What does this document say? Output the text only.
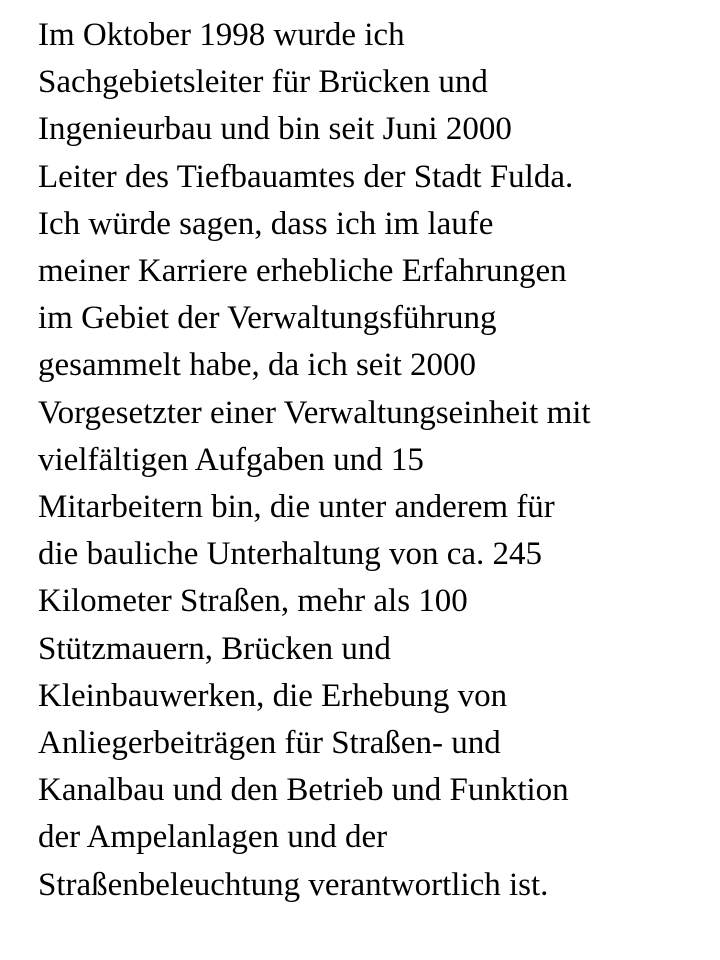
Im Oktober 1998 wurde ich
Sachgebietsleiter für Brücken und
Ingenieurbau und bin seit Juni 2000
Leiter des Tiefbauamtes der Stadt Fulda.
Ich würde sagen, dass ich im laufe
meiner Karriere erhebliche Erfahrungen
im Gebiet der Verwaltungsführung
gesammelt habe, da ich seit 2000
Vorgesetzter einer Verwaltungseinheit mit
vielfältigen Aufgaben und 15
Mitarbeitern bin, die unter anderem für
die bauliche Unterhaltung von ca. 245
Kilometer Straßen, mehr als 100
Stützmauern, Brücken und
Kleinbauwerken, die Erhebung von
Anliegerbeiträgen für Straßen- und
Kanalbau und den Betrieb und Funktion
der Ampelanlagen und der
Straßenbeleuchtung verantwortlich ist.
